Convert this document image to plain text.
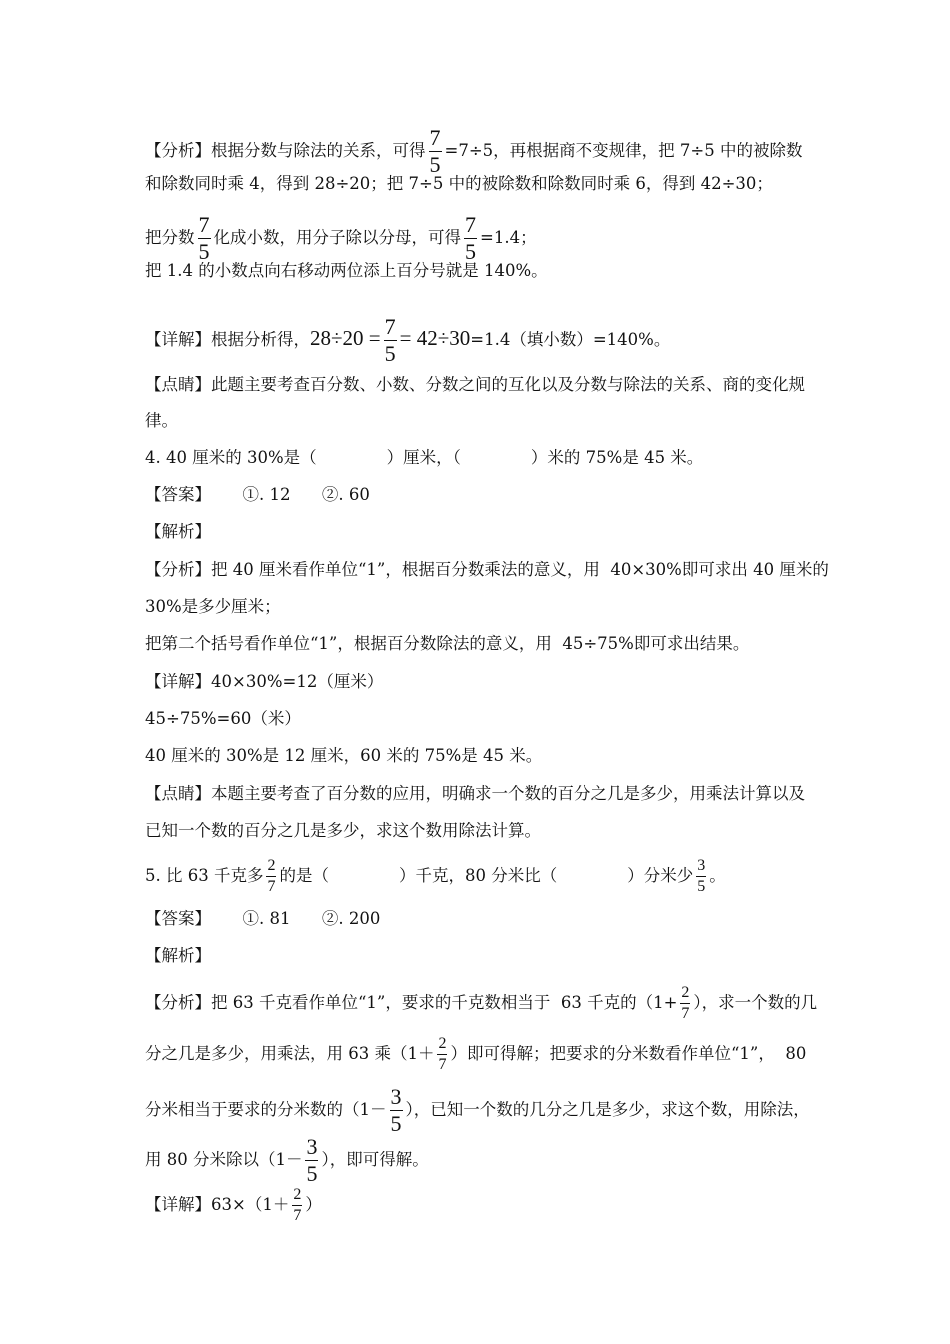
【分析】根据分数与除法的关系，可得 $\frac{7}{5} =7\div 5$，再根据商不变规律，把 7÷5 中的被除数
和除数同时乘 4，得到 28÷20；把 7÷5 中的被除数和除数同时乘 6，得到 42÷30；
把分数 $\frac{7}{5}$ 化成小数，用分子除以分母，可得 $\frac{7}{5} =1.4$；
把 1.4 的小数点向右移动两位添上百分号就是 140%。
【详解】根据分析得，$28\div 20 = \frac{7}{5} = 42\div 30=1.4$（填小数）=140%。
【点睛】此题主要考查百分数、小数、分数之间的互化以及分数与除法的关系、商的变化规
律。
4. 40 厘米的 30%是（	）厘米，（	）米的 75%是 45 米。
【答案】      ①. 12      ②. 60
【解析】
【分析】把 40 厘米看作单位“1”，根据百分数乘法的意义，用  40×30%即可求出 40 厘米的
30%是多少厘米；
把第二个括号看作单位“1”，根据百分数除法的意义，用  45÷75%即可求出结果。
【详解】40×30%=12（厘米）
45÷75%=60（米）
40 厘米的 30%是 12 厘米，60 米的 75%是 45 米。
【点睛】本题主要考查了百分数的应用，明确求一个数的百分之几是多少，用乘法计算以及
已知一个数的百分之几是多少，求这个数用除法计算。
5. 比 63 千克多 $\frac{2}{7}$ 的是（	）千克，80 分米比（	）分米少 $\frac{3}{5}$ 。
【答案】      ①. 81      ②. 200
【解析】
【分析】把 63 千克看作单位“1”，要求的千克数相当于  63 千克的（$1+ \frac{2}{7}$ ），求一个数的几
分之几是多少，用乘法，用 63 乘（$1+ \frac{2}{7}$ ）即可得解；把要求的分米数看作单位“1”，  80
分米相当于要求的分米数的（$1- \frac{3}{5}$ ），已知一个数的几分之几是多少，求这个数，用除法，
用 80 分米除以（$1- \frac{3}{5}$ ），即可得解。
【详解】$63\times(1+ \frac{2}{7}$ ）
